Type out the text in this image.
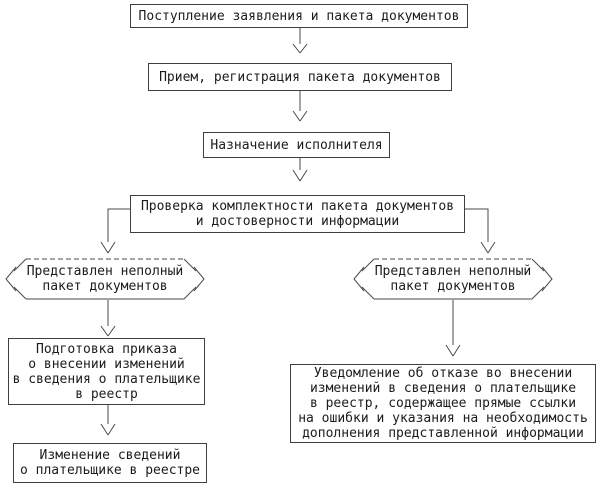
Поступление заявления и пакета документов
Прием, регистрация пакета документов
Назначение исполнителя
Проверка комплектности пакета документов
и достоверности информации
Представлен неполный
пакет документов
Представлен неполный
пакет документов
Подготовка приказа
о внесении изменений
в сведения о плательщике
в реестр
Изменение сведений
о плательщике в реестре
Уведомление об отказе во внесении
изменений в сведения о плательщике
в реестр, содержащее прямые ссылки
на ошибки и указания на необходимость
дополнения представленной информации
